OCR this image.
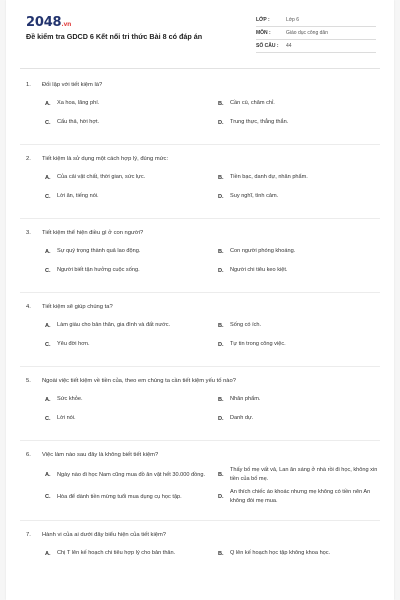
2048.vn
Đề kiểm tra GDCD 6 Kết nối tri thức Bài 8 có đáp án
LỚP :	Lớp 6
MÔN :	Giáo dục công dân
SỐ CÂU :	44
1.	Đối lập với tiết kiệm là?
A.	Xa hoa, lãng phí.	B.	Cần cù, chăm chỉ.
C.	Cẩu thả, hời hợt.	D.	Trung thực, thẳng thắn.
2.	Tiết kiệm là sử dụng một cách hợp lý, đúng mức:
A.	Của cải vật chất, thời gian, sức lực.	B.	Tiền bạc, danh dự, nhân phẩm.
C.	Lời ăn, tiếng nói.	D.	Suy nghĩ, tình cảm.
3.	Tiết kiệm thể hiện điều gì ở con người?
A.	Sự quý trọng thành quả lao động.	B.	Con người phóng khoáng.
C.	Người biết tận hưởng cuộc sống.	D.	Người chi tiêu keo kiệt.
4.	Tiết kiệm sẽ giúp chúng ta?
A.	Làm giàu cho bản thân, gia đình và đất nước.	B.	Sống có ích.
C.	Yêu đời hơn.	D.	Tự tin trong công việc.
5.	Ngoài việc tiết kiệm về tiền của, theo em chúng ta cần tiết kiệm yếu tố nào?
A.	Sức khỏe.	B.	Nhân phẩm.
C.	Lời nói.	D.	Danh dự.
6.	Việc làm nào sau đây là không biết tiết kiệm?
A.	Ngày nào đi học Nam cũng mua đồ ăn vặt hết 30.000 đồng.	B.
Thấy bố mẹ vất vả, Lan ăn sáng ở nhà rồi đi học, không xin tiền của bố mẹ.
C.	Hòa để dành tiền mừng tuổi mua dụng cụ học tập.	D.
An thích chiếc áo khoác nhưng mẹ không có tiền nên An không đòi mẹ mua.
7.	Hành vi của ai dưới đây biểu hiện của tiết kiệm?
A.	Chị T lên kế hoạch chi tiêu hợp lý cho bản thân.	B.	Q lên kế hoạch học tập không khoa học.
